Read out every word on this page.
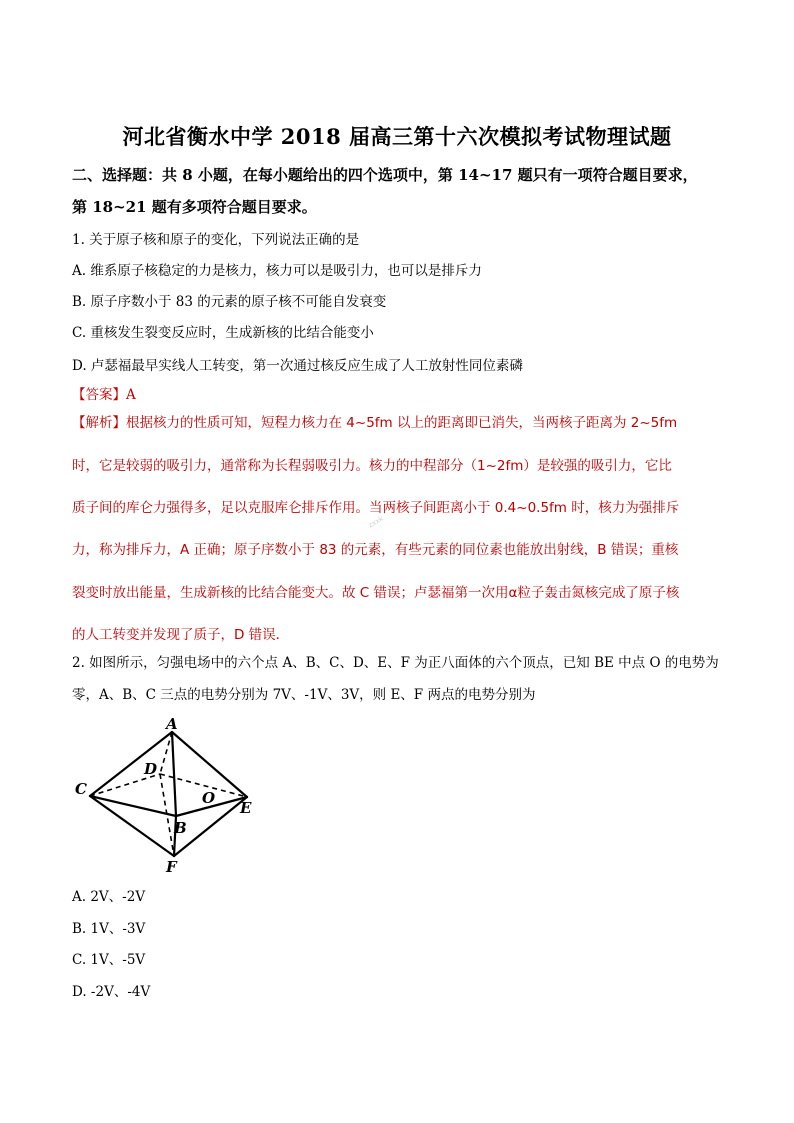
河北省衡水中学 2018 届高三第十六次模拟考试物理试题
二、选择题：共 8 小题，在每小题给出的四个选项中，第 14~17 题只有一项符合题目要求，
第 18~21 题有多项符合题目要求。
1. 关于原子核和原子的变化，下列说法正确的是
A. 维系原子核稳定的力是核力，核力可以是吸引力，也可以是排斥力
B. 原子序数小于 83 的元素的原子核不可能自发衰变
C. 重核发生裂变反应时，生成新核的比结合能变小
D. 卢瑟福最早实线人工转变，第一次通过核反应生成了人工放射性同位素磷
【答案】A
【解析】根据核力的性质可知，短程力核力在 4~5fm 以上的距离即已消失，当两核子距离为 2~5fm
时，它是较弱的吸引力，通常称为长程弱吸引力。核力的中程部分（1~2fm）是较强的吸引力，它比
质子间的库仑力强得多，足以克服库仑排斥作用。当两核子间距离小于 0.4~0.5fm 时，核力为强排斥
力，称为排斥力，A 正确；原子序数小于 83 的元素，有些元素的同位素也能放出射线，B 错误；重核
裂变时放出能量，生成新核的比结合能变大。故 C 错误；卢瑟福第一次用α粒子轰击氮核完成了原子核
的人工转变并发现了质子，D 错误．
zxxk
2. 如图所示，匀强电场中的六个点 A、B、C、D、E、F 为正八面体的六个顶点，已知 BE 中点 O 的电势为
零，A、B、C 三点的电势分别为 7V、-1V、3V，则 E、F 两点的电势分别为
A
C
D
O
E
B
F
A. 2V、-2V
B. 1V、-3V
C. 1V、-5V
D. -2V、-4V
